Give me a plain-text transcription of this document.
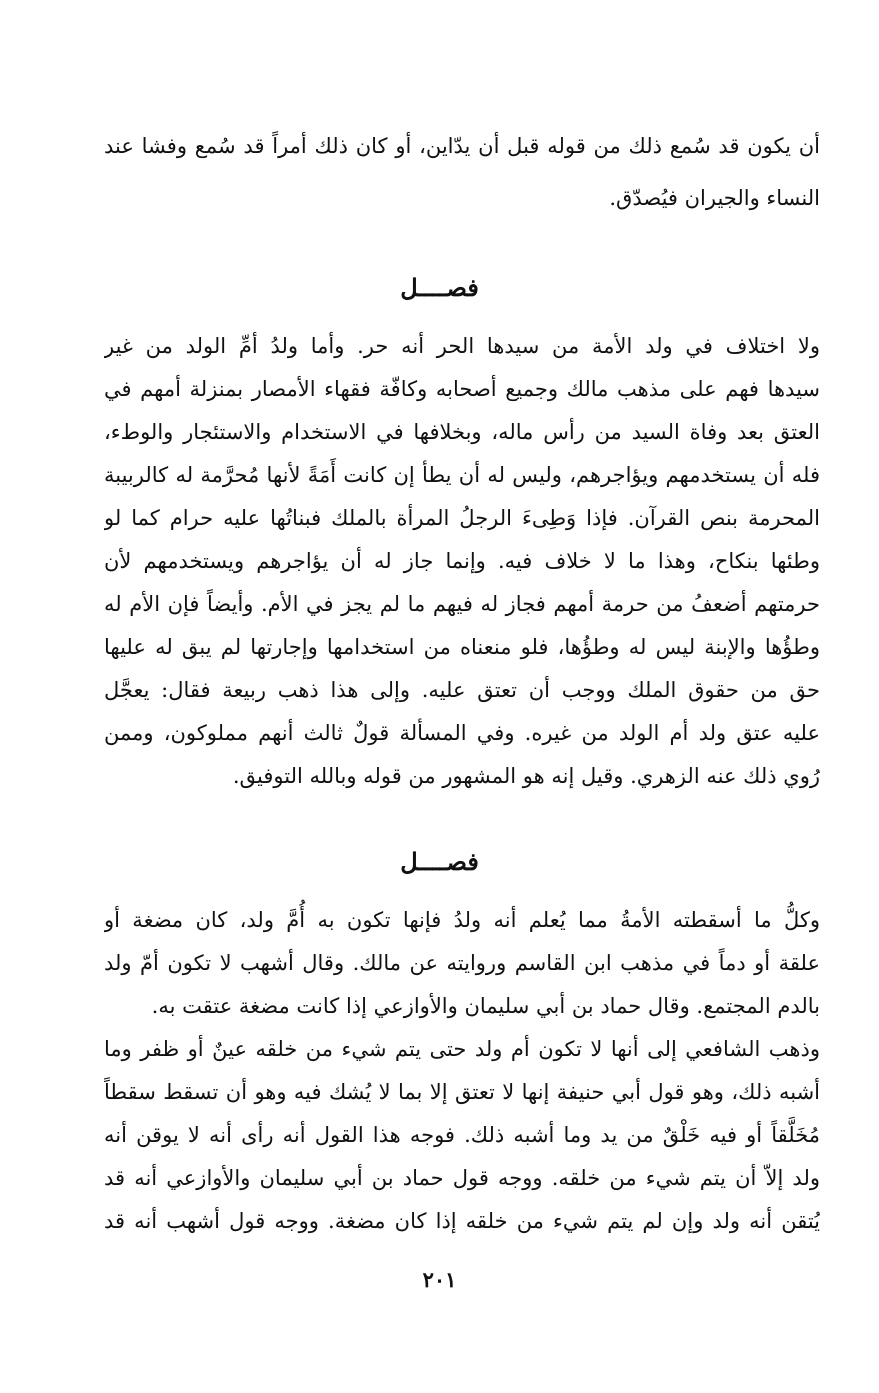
أن يكون قد سُمع ذلك من قوله قبل أن يدّاين، أو كان ذلك أمراً قد سُمع وفشا عند
النساء والجيران فيُصدّق.
فصــــل
ولا اختلاف في ولد الأمة من سيدها الحر أنه حر. وأما ولدُ أمِّ الولد من غير
سيدها فهم على مذهب مالك وجميع أصحابه وكافّة فقهاء الأمصار بمنزلة أمهم في
العتق بعد وفاة السيد من رأس ماله، وبخلافها في الاستخدام والاستئجار والوطء،
فله أن يستخدمهم ويؤاجرهم، وليس له أن يطأ إن كانت أَمَةً لأنها مُحرَّمة له كالربيبة
المحرمة بنص القرآن. فإذا وَطِىءَ الرجلُ المرأة بالملك فبناتُها عليه حرام كما لو
وطئها بنكاح، وهذا ما لا خلاف فيه. وإنما جاز له أن يؤاجرهم ويستخدمهم لأن
حرمتهم أضعفُ من حرمة أمهم فجاز له فيهم ما لم يجز في الأم. وأيضاً فإن الأم له
وطؤُها والإبنة ليس له وطؤُها، فلو منعناه من استخدامها وإجارتها لم يبق له عليها
حق من حقوق الملك ووجب أن تعتق عليه. وإلى هذا ذهب ربيعة فقال: يعجَّل
عليه عتق ولد أم الولد من غيره. وفي المسألة قولٌ ثالث أنهم مملوكون، وممن
رُوي ذلك عنه الزهري. وقيل إنه هو المشهور من قوله وبالله التوفيق.
فصــــل
وكلُّ ما أسقطته الأمةُ مما يُعلم أنه ولدُ فإنها تكون به أُمَّ ولد، كان مضغة أو
علقة أو دماً في مذهب ابن القاسم وروايته عن مالك. وقال أشهب لا تكون أمّ ولد
بالدم المجتمع. وقال حماد بن أبي سليمان والأوازعي إذا كانت مضغة عتقت به.
وذهب الشافعي إلى أنها لا تكون أم ولد حتى يتم شيء من خلقه عينٌ أو ظفر وما
أشبه ذلك، وهو قول أبي حنيفة إنها لا تعتق إلا بما لا يُشك فيه وهو أن تسقط سقطاً
مُخَلَّقاً أو فيه خَلْقٌ من يد وما أشبه ذلك. فوجه هذا القول أنه رأى أنه لا يوقن أنه
ولد إلاّ أن يتم شيء من خلقه. ووجه قول حماد بن أبي سليمان والأوازعي أنه قد
يُتقن أنه ولد وإن لم يتم شيء من خلقه إذا كان مضغة. ووجه قول أشهب أنه قد
٢٠١
